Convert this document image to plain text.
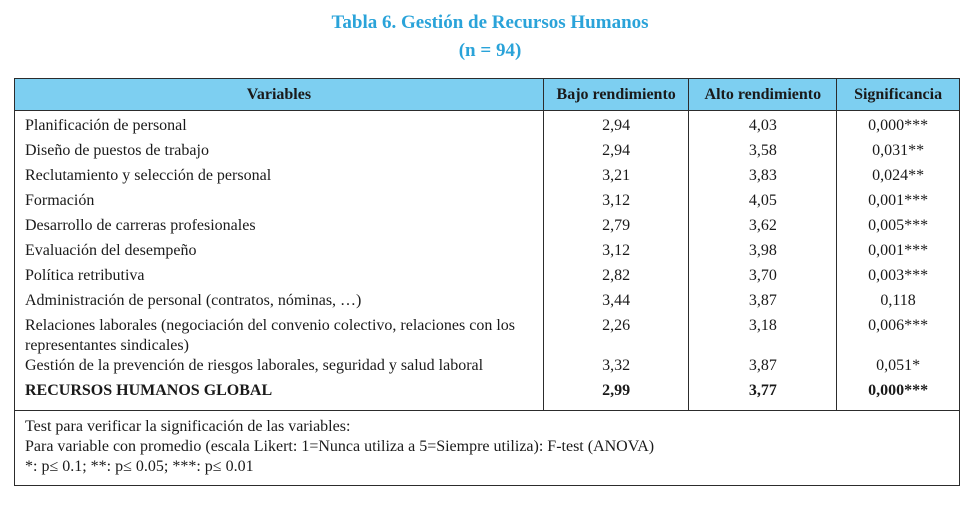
Tabla 6. Gestión de Recursos Humanos
(n = 94)
Variables	Bajo rendimiento	Alto rendimiento	Significancia
Planificación de personal	2,94	4,03	0,000***
Diseño de puestos de trabajo	2,94	3,58	0,031**
Reclutamiento y selección de personal	3,21	3,83	0,024**
Formación	3,12	4,05	0,001***
Desarrollo de carreras profesionales	2,79	3,62	0,005***
Evaluación del desempeño	3,12	3,98	0,001***
Política retributiva	2,82	3,70	0,003***
Administración de personal (contratos, nóminas, …)	3,44	3,87	0,118
Relaciones laborales (negociación del convenio colectivo, relaciones con los representantes sindicales)	2,26	3,18	0,006***
Gestión de la prevención de riesgos laborales, seguridad y salud laboral	3,32	3,87	0,051*
RECURSOS HUMANOS GLOBAL	2,99	3,77	0,000***

Test para verificar la significación de las variables:
Para variable con promedio (escala Likert: 1=Nunca utiliza a 5=Siempre utiliza): F-test (ANOVA)
*: p≤ 0.1; **: p≤ 0.05; ***: p≤ 0.01			
